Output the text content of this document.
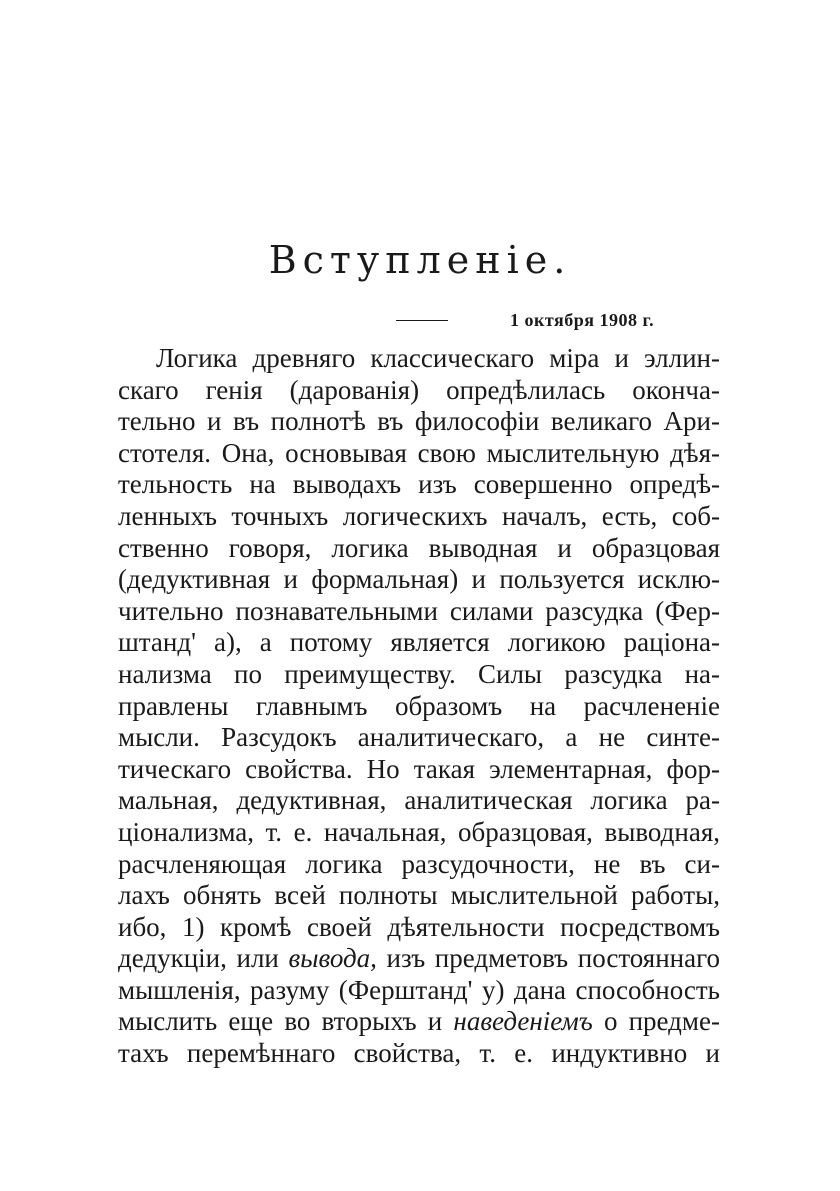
Вступленіе.
1 октября 1908 г.
Логика древняго классическаго міра и эллин-
скаго генія (дарованія) опредѣлилась оконча-
тельно и въ полнотѣ въ философіи великаго Ари-
стотеля. Она, основывая свою мыслительную дѣя-
тельность на выводахъ изъ совершенно опредѣ-
ленныхъ точныхъ логическихъ началъ, есть, соб-
ственно говоря, логика выводная и образцовая
(дедуктивная и формальная) и пользуется исклю-
чительно познавательными силами разсудка (Фер-
штанд' а), а потому является логикою раціона-
нализма по преимуществу. Силы разсудка на-
правлены главнымъ образомъ на расчлененіе
мысли. Разсудокъ аналитическаго, а не синте-
тическаго свойства. Но такая элементарная, фор-
мальная, дедуктивная, аналитическая логика ра-
ціонализма, т. е. начальная, образцовая, выводная,
расчленяющая логика разсудочности, не въ си-
лахъ обнять всей полноты мыслительной работы,
ибо, 1) кромѣ своей дѣятельности посредствомъ
дедукціи, или вывода, изъ предметовъ постояннаго
мышленія, разуму (Ферштанд' у) дана способность
мыслить еще во вторыхъ и наведеніемъ о предме-
тахъ перемѣннаго свойства, т. е. индуктивно и
